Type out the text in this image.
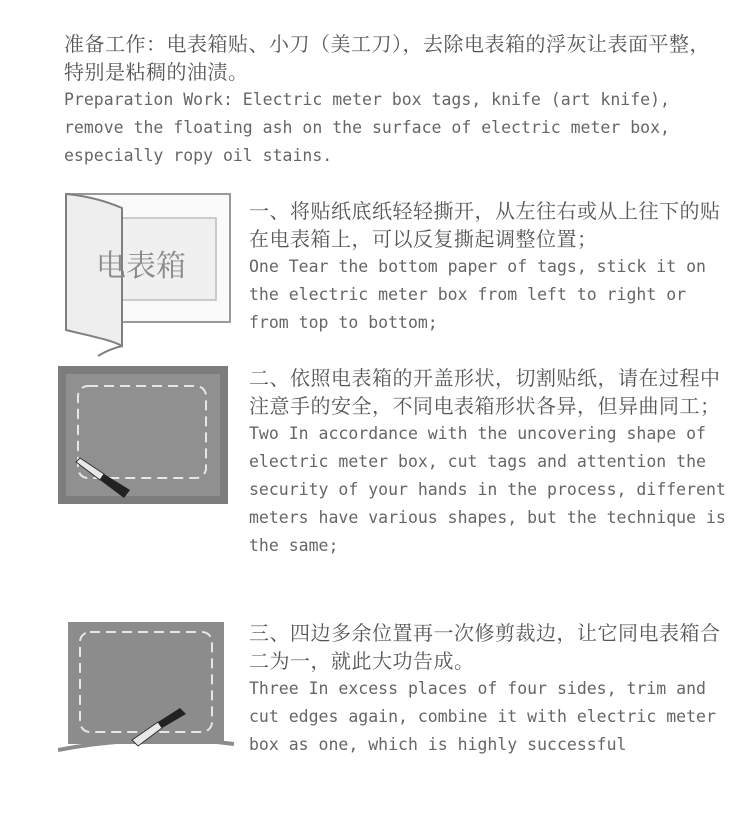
准备工作：电表箱贴、小刀（美工刀），去除电表箱的浮灰让表面平整，特别是粘稠的油渍。
Preparation Work: Electric meter box tags, knife (art knife), remove the floating ash on the surface of electric meter box, especially ropy oil stains.
电表箱
一、将贴纸底纸轻轻撕开，从左往右或从上往下的贴在电表箱上，可以反复撕起调整位置；
One Tear the bottom paper of tags, stick it on the electric meter box from left to right or from top to bottom;
二、依照电表箱的开盖形状，切割贴纸，请在过程中注意手的安全，不同电表箱形状各异，但异曲同工；
Two In accordance with the uncovering shape of electric meter box, cut tags and attention the security of your hands in the process, different meters have various shapes, but the technique is the same;
三、四边多余位置再一次修剪裁边，让它同电表箱合二为一，就此大功告成。
Three In excess places of four sides, trim and cut edges again, combine it with electric meter box as one, which is highly successful
